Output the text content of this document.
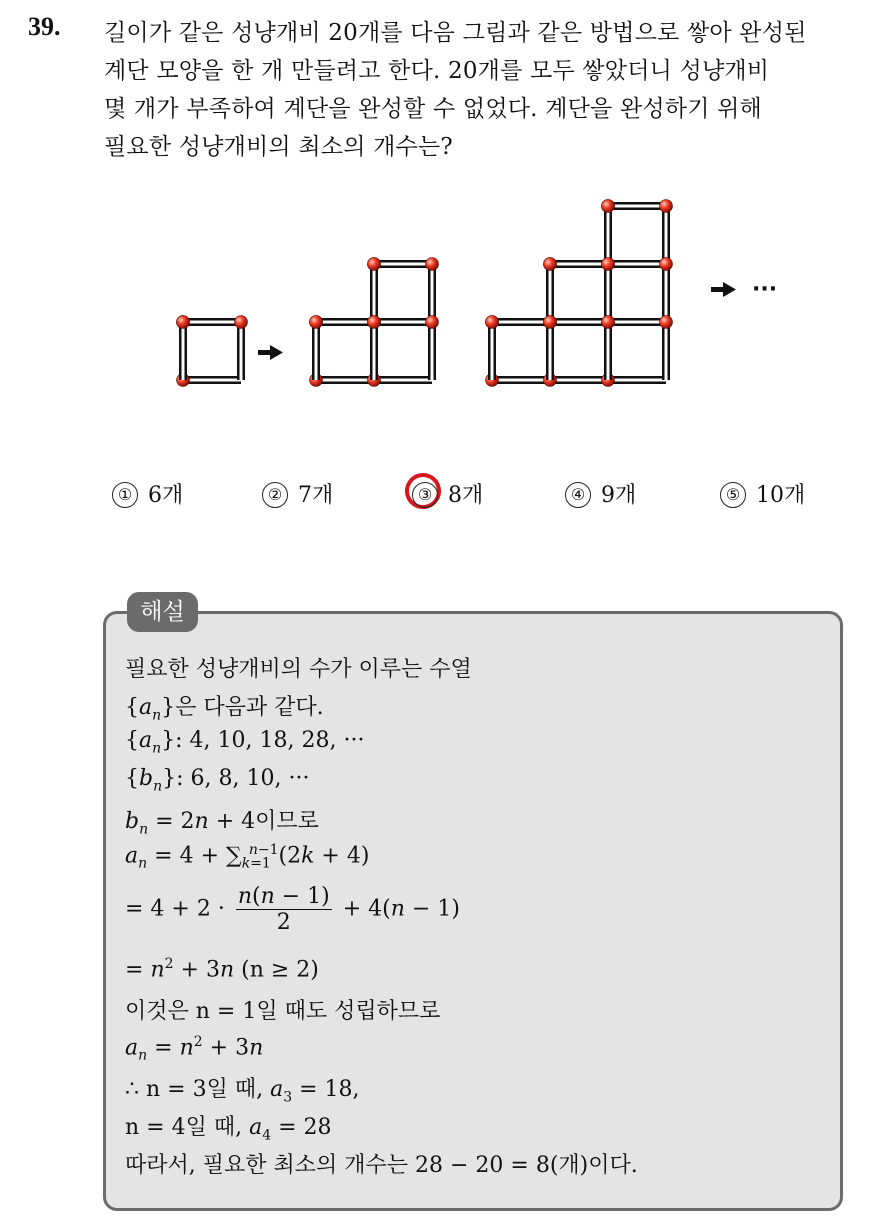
39. 길이가 같은 성냥개비 20개를 다음 그림과 같은 방법으로 쌓아 완성된
계단 모양을 한 개 만들려고 한다. 20개를 모두 쌓았더니 성냥개비
몇 개가 부족하여 계단을 완성할 수 없었다. 계단을 완성하기 위해
필요한 성냥개비의 최소의 개수는?
···
① 6개	② 7개	③ 8개	④ 9개	⑤ 10개
해설
필요한 성냥개비의 수가 이루는 수열
$\{a_n\}$은 다음과 같다.
$\{a_n\}$: 4, 10, 18, 28, ···
$\{b_n\}$: 6, 8, 10, ···
$b_n = 2n + 4$이므로
$a_n = 4 + \sum_{k=1}^{n-1}(2k + 4)$
= $4 + 2 \cdot \frac{n(n - 1)}{2} + 4(n - 1)$
= $n^2 + 3n$ (n ≥ 2)
이것은 n = 1일 때도 성립하므로
$a_n = n^2 + 3n$
∴ n = 3일 때, $a_3 = 18$,
n = 4일 때, $a_4 = 28$
따라서, 필요한 최소의 개수는 28 − 20 = 8(개)이다.
